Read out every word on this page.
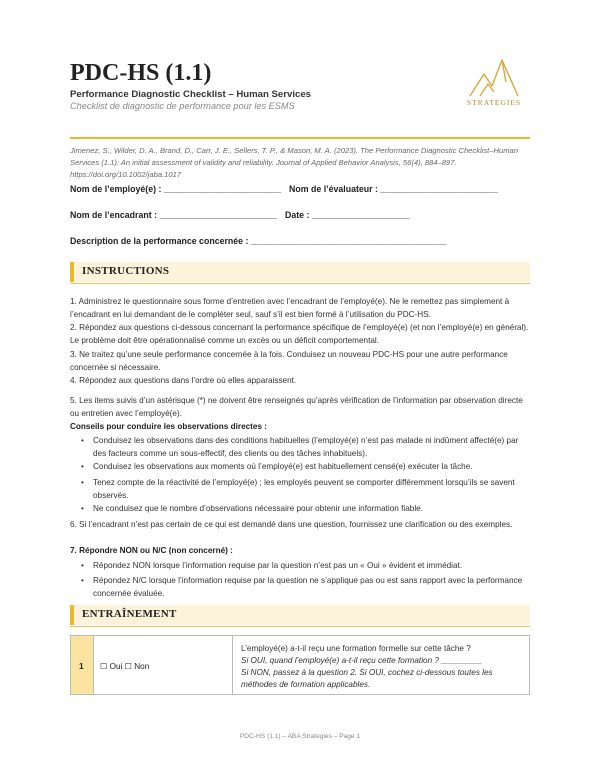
PDC-HS (1.1)
Performance Diagnostic Checklist – Human Services
Checklist de diagnostic de performance pour les ESMS	STRATEGIES
Jimenez, S., Wilder, D. A., Brand, D., Carr, J. E., Sellers, T. P., & Mason, M. A. (2023). The Performance Diagnostic Checklist–Human Services (1.1): An initial assessment of validity and reliability. Journal of Applied Behavior Analysis, 56(4), 884–897. https://doi.org/10.1002/jaba.1017
Nom de l’employé(e) : ________________________ Nom de l’évaluateur : ________________________
Nom de l’encadrant : ________________________ Date : ____________________
Description de la performance concernée : ________________________________________
INSTRUCTIONS
1. Administrez le questionnaire sous forme d’entretien avec l’encadrant de l’employé(e). Ne le remettez pas simplement à l’encadrant en lui demandant de le compléter seul, sauf s’il est bien formé à l’utilisation du PDC-HS.
2. Répondez aux questions ci-dessous concernant la performance spécifique de l’employé(e) (et non l’employé(e) en général). Le problème doit être opérationnalisé comme un excès ou un déficit comportemental.
3. Ne traitez qu’une seule performance concernée à la fois. Conduisez un nouveau PDC-HS pour une autre performance concernée si nécessaire.
4. Répondez aux questions dans l’ordre où elles apparaissent.
5. Les items suivis d’un astérisque (*) ne doivent être renseignés qu’après vérification de l’information par observation directe ou entretien avec l’employé(e).
Conseils pour conduire les observations directes :
• Conduisez les observations dans des conditions habituelles (l’employé(e) n’est pas malade ni indûment affecté(e) par des facteurs comme un sous-effectif, des clients ou des tâches inhabituels).
• Conduisez les observations aux moments où l’employé(e) est habituellement censé(e) exécuter la tâche.
• Tenez compte de la réactivité de l’employé(e) ; les employés peuvent se comporter différemment lorsqu’ils se savent observés.
• Ne conduisez que le nombre d’observations nécessaire pour obtenir une information fiable.
6. Si l’encadrant n’est pas certain de ce qui est demandé dans une question, fournissez une clarification ou des exemples.
7. Répondre NON ou N/C (non concerné) :
• Répondez NON lorsque l’information requise par la question n’est pas un « Oui » évident et immédiat.
• Répondez N/C lorsque l’information requise par la question ne s’applique pas ou est sans rapport avec la performance concernée évaluée.
ENTRAÎNEMENT
1 ☐ Oui ☐ Non
L’employé(e) a-t-il reçu une formation formelle sur cette tâche ?
Si OUI, quand l’employé(e) a-t-il reçu cette formation ? _________
Si NON, passez à la question 2. Si OUI, cochez ci-dessous toutes les méthodes de formation applicables.
PDC-HS (1.1) – ABA Strategies – Page 1
